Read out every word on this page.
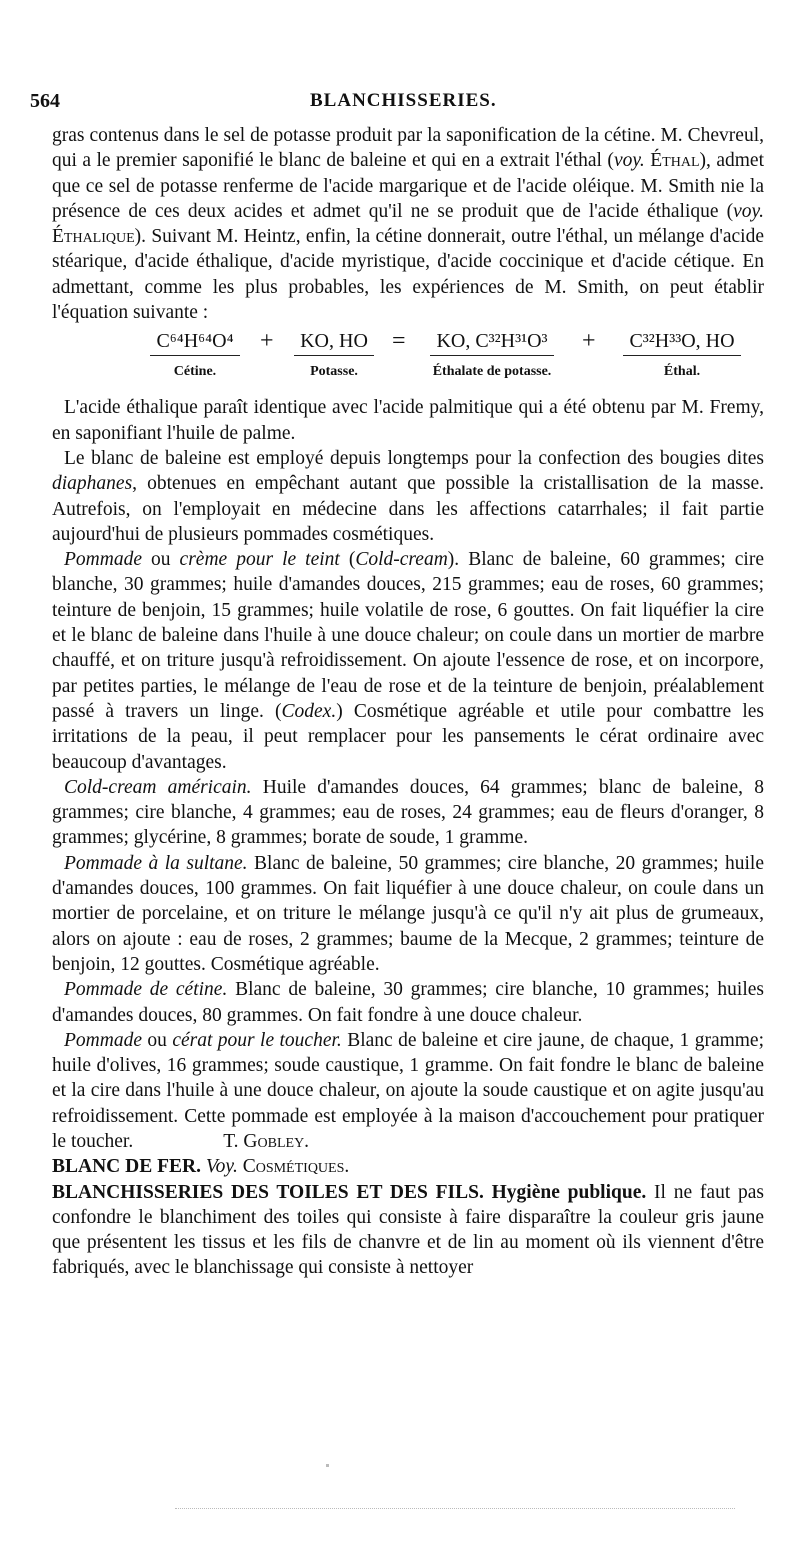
564	BLANCHISSERIES.

gras contenus dans le sel de potasse produit par la saponification de la cétine. M. Chevreul, qui a le premier saponifié le blanc de baleine et qui en a extrait l'éthal (voy. Éthal), admet que ce sel de potasse renferme de l'acide margarique et de l'acide oléique. M. Smith nie la présence de ces deux acides et admet qu'il ne se produit que de l'acide éthalique (voy. Éthalique). Suivant M. Heintz, enfin, la cétine donnerait, outre l'éthal, un mélange d'acide stéarique, d'acide éthalique, d'acide myristique, d'acide coccinique et d'acide cétique. En admettant, comme les plus probables, les expériences de M. Smith, on peut établir l'équation suivante :

C⁶⁴H⁶⁴O⁴
Cétine.
+	KO, HO
Potasse.
=	KO, C³²H³¹O³
Éthalate de potasse.
+	C³²H³³O, HO
Éthal.

L'acide éthalique paraît identique avec l'acide palmitique qui a été obtenu par M. Fremy, en saponifiant l'huile de palme.

Le blanc de baleine est employé depuis longtemps pour la confection des bougies dites diaphanes, obtenues en empêchant autant que possible la cristallisation de la masse. Autrefois, on l'employait en médecine dans les affections catarrhales; il fait partie aujourd'hui de plusieurs pommades cosmétiques.

Pommade ou crème pour le teint (Cold-cream). Blanc de baleine, 60 grammes; cire blanche, 30 grammes; huile d'amandes douces, 215 grammes; eau de roses, 60 grammes; teinture de benjoin, 15 grammes; huile volatile de rose, 6 gouttes. On fait liquéfier la cire et le blanc de baleine dans l'huile à une douce chaleur; on coule dans un mortier de marbre chauffé, et on triture jusqu'à refroidissement. On ajoute l'essence de rose, et on incorpore, par petites parties, le mélange de l'eau de rose et de la teinture de benjoin, préalablement passé à travers un linge. (Codex.) Cosmétique agréable et utile pour combattre les irritations de la peau, il peut remplacer pour les pansements le cérat ordinaire avec beaucoup d'avantages.

Cold-cream américain. Huile d'amandes douces, 64 grammes; blanc de baleine, 8 grammes; cire blanche, 4 grammes; eau de roses, 24 grammes; eau de fleurs d'oranger, 8 grammes; glycérine, 8 grammes; borate de soude, 1 gramme.

Pommade à la sultane. Blanc de baleine, 50 grammes; cire blanche, 20 grammes; huile d'amandes douces, 100 grammes. On fait liquéfier à une douce chaleur, on coule dans un mortier de porcelaine, et on triture le mélange jusqu'à ce qu'il n'y ait plus de grumeaux, alors on ajoute : eau de roses, 2 grammes; baume de la Mecque, 2 grammes; teinture de benjoin, 12 gouttes. Cosmétique agréable.

Pommade de cétine. Blanc de baleine, 30 grammes; cire blanche, 10 grammes; huiles d'amandes douces, 80 grammes. On fait fondre à une douce chaleur.

Pommade ou cérat pour le toucher. Blanc de baleine et cire jaune, de chaque, 1 gramme; huile d'olives, 16 grammes; soude caustique, 1 gramme. On fait fondre le blanc de baleine et la cire dans l'huile à une douce chaleur, on ajoute la soude caustique et on agite jusqu'au refroidissement. Cette pommade est employée à la maison d'accouchement pour pratiquer le toucher.	T. Gobley.

BLANC DE FER. Voy. Cosmétiques.

BLANCHISSERIES DES TOILES ET DES FILS. Hygiène publique. Il ne faut pas confondre le blanchiment des toiles qui consiste à faire disparaître la couleur gris jaune que présentent les tissus et les fils de chanvre et de lin au moment où ils viennent d'être fabriqués, avec le blanchissage qui consiste à nettoyer
